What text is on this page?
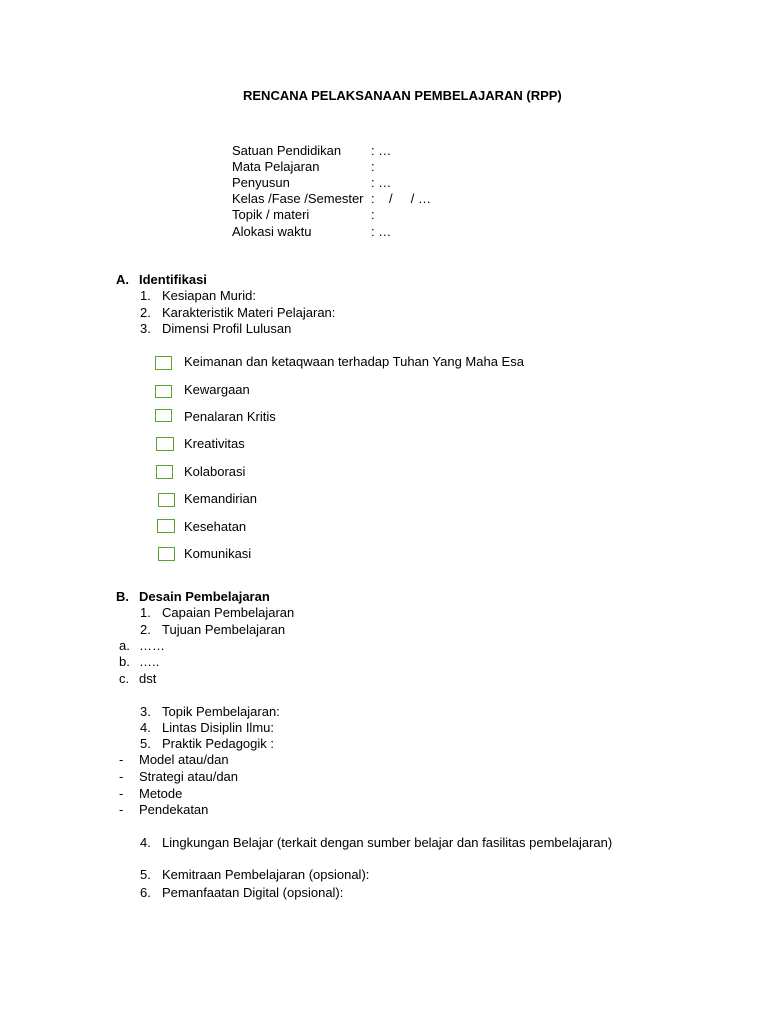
RENCANA PELAKSANAAN PEMBELAJARAN (RPP)
Satuan Pendidikan : …
Mata Pelajaran	:
Penyusun	: …
Kelas /Fase /Semester :    /     / …
Topik / materi	:
Alokasi waktu	: …
A. Identifikasi
1. Kesiapan Murid:
2. Karakteristik Materi Pelajaran:
3. Dimensi Profil Lulusan
Keimanan dan ketaqwaan terhadap Tuhan Yang Maha Esa
Kewargaan
Penalaran Kritis
Kreativitas
Kolaborasi
Kemandirian
Kesehatan
Komunikasi
B. Desain Pembelajaran
1. Capaian Pembelajaran
2. Tujuan Pembelajaran
a. ……
b. …..
c. dst
3. Topik Pembelajaran:
4. Lintas Disiplin Ilmu:
5. Praktik Pedagogik :
- Model atau/dan
- Strategi atau/dan
- Metode
- Pendekatan
4. Lingkungan Belajar (terkait dengan sumber belajar dan fasilitas pembelajaran)
5. Kemitraan Pembelajaran (opsional):
6. Pemanfaatan Digital (opsional):
